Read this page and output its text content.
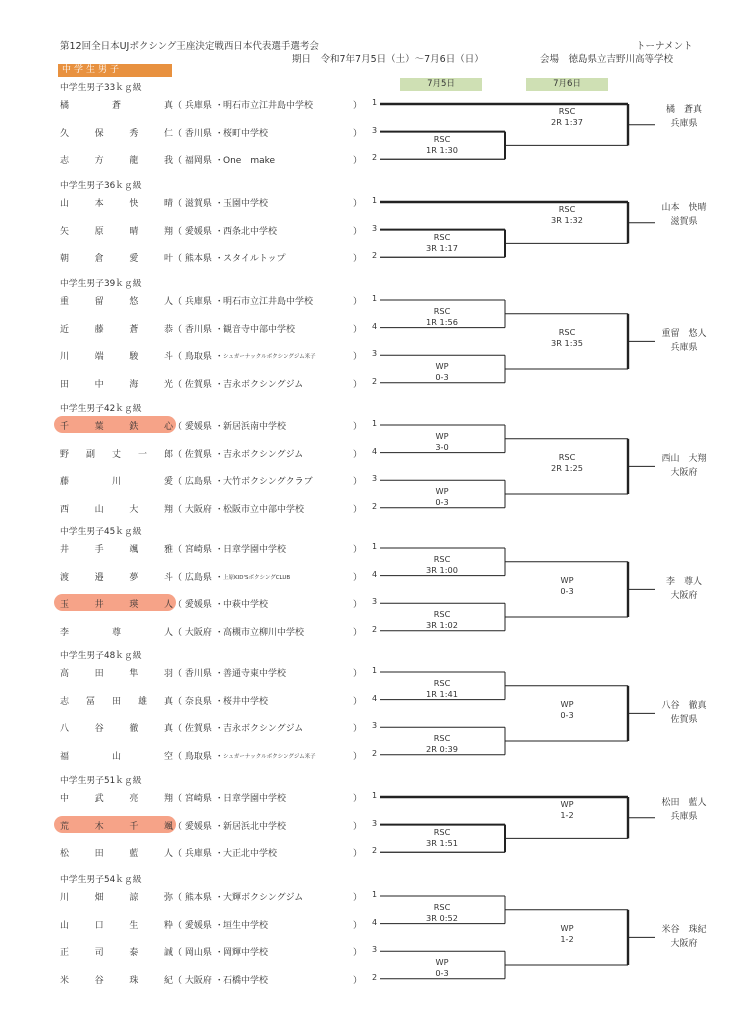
第12回全日本UJボクシング王座決定戦西日本代表選手選考会	トーナメント
期日　令和7年7月5日（土）～7月6日（日）	会場　徳島県立吉野川高等学校
中学生男子
7月5日	7月6日
中学生男子33ｋｇ級
橘	蒼	真 （ 兵庫県 ・ 明石市立江井島中学校	） 1
久	保	秀	仁 （ 香川県 ・ 桜町中学校	） 3
志	方	龍	我 （ 福岡県 ・ One　make	） 2
RSC
1R 1:30
RSC
2R 1:37
橘　蒼真
兵庫県
中学生男子36ｋｇ級
山	本	快	晴 （ 滋賀県 ・ 玉園中学校	） 1
矢	原	晴	翔 （ 愛媛県 ・ 西条北中学校	） 3
朝	倉	愛	叶 （ 熊本県 ・ スタイルトップ	） 2
RSC
3R 1:17
RSC
3R 1:32
山本　快晴
滋賀県
中学生男子39ｋｇ級
重	留	悠	人 （ 兵庫県 ・ 明石市立江井島中学校	） 1
近	藤	蒼	恭 （ 香川県 ・ 観音寺中部中学校	） 4
川	端	駿	斗 （ 鳥取県 ・ シュガーナックルボクシングジム米子	） 3
田	中	海	光 （ 佐賀県 ・ 吉永ボクシングジム	） 2
RSC
1R 1:56
WP
0-3
RSC
3R 1:35
重留　悠人
兵庫県
中学生男子42ｋｇ級
千	葉	鉄	心 （ 愛媛県 ・ 新居浜南中学校	） 1
野 副 丈 一 郎 （ 佐賀県 ・ 吉永ボクシングジム	） 4
藤	川	愛 （ 広島県 ・ 大竹ボクシングクラブ	） 3
西	山	大	翔 （ 大阪府 ・ 松阪市立中部中学校	） 2
WP
3-0
WP
0-3
RSC
2R 1:25
西山　大翔
大阪府
中学生男子45ｋｇ級
井	手	颯	雅 （ 宮崎県 ・ 日章学園中学校	） 1
渡	邉	夢	斗 （ 広島県 ・ 上原KID'SボクシングCLUB	） 4
玉	井	瑛	人 （ 愛媛県 ・ 中萩中学校	） 3
李	尊	人 （ 大阪府 ・ 高槻市立柳川中学校	） 2
RSC
3R 1:00
RSC
3R 1:02
WP
0-3
李　尊人
大阪府
中学生男子48ｋｇ級
高	田	隼	羽 （ 香川県 ・ 善通寺東中学校	） 1
志 冨 田 雄 真 （ 奈良県 ・ 桜井中学校	） 4
八	谷	徹	真 （ 佐賀県 ・ 吉永ボクシングジム	） 3
福	山	空 （ 鳥取県 ・ シュガーナックルボクシングジム米子	） 2
RSC
1R 1:41
RSC
2R 0:39
WP
0-3
八谷　徹真
佐賀県
中学生男子51ｋｇ級
中	武	亮	翔 （ 宮崎県 ・ 日章学園中学校	） 1
荒	木	千	颯 （ 愛媛県 ・ 新居浜北中学校	） 3
松	田	藍	人 （ 兵庫県 ・ 大正北中学校	） 2
RSC
3R 1:51
WP
1-2
松田　藍人
兵庫県
中学生男子54ｋｇ級
川	畑	諒	弥 （ 熊本県 ・ 大輝ボクシングジム	） 1
山	口	生	粋 （ 愛媛県 ・ 垣生中学校	） 4
正	司	泰	誠 （ 岡山県 ・ 岡輝中学校	） 3
米	谷	珠	紀 （ 大阪府 ・ 石橋中学校	） 2
RSC
3R 0:52
WP
0-3
WP
1-2
米谷　珠紀
大阪府
